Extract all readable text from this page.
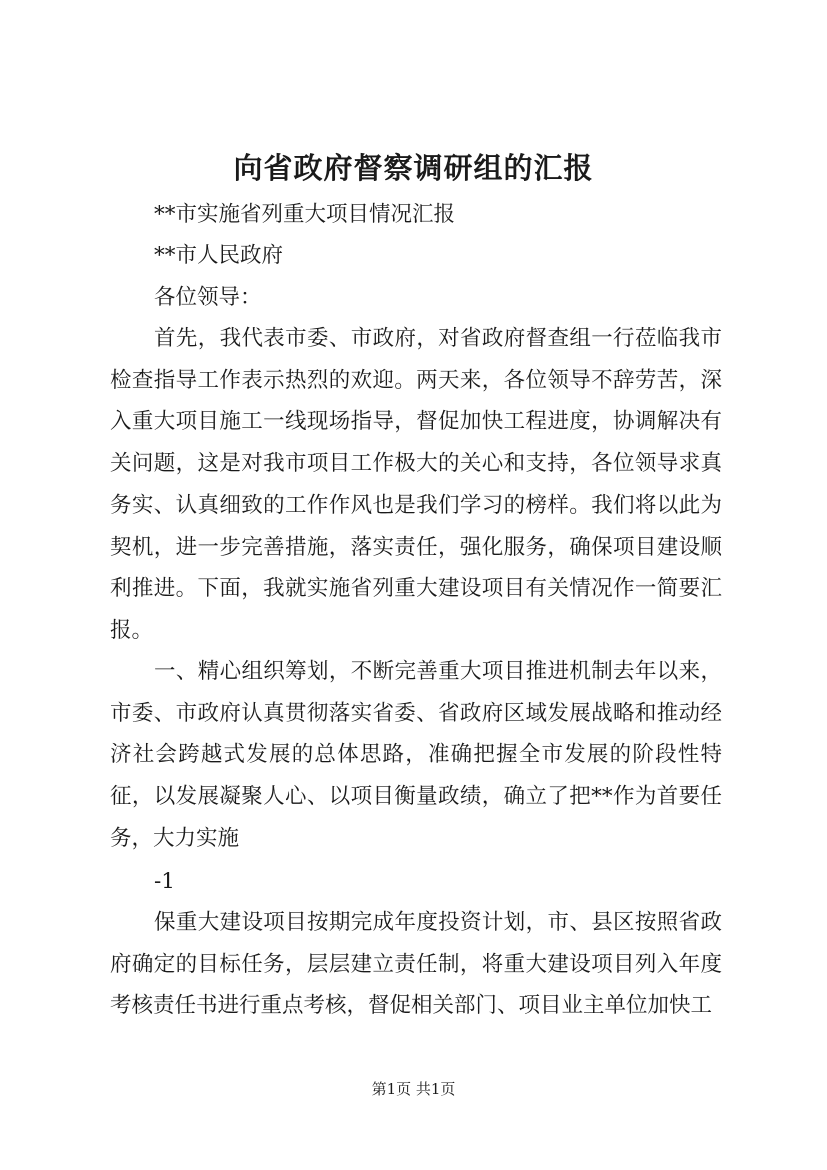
向省政府督察调研组的汇报
**市实施省列重大项目情况汇报
**市人民政府
各位领导：
首先，我代表市委、市政府，对省政府督查组一行莅临我市检查指导工作表示热烈的欢迎。两天来，各位领导不辞劳苦，深入重大项目施工一线现场指导，督促加快工程进度，协调解决有关问题，这是对我市项目工作极大的关心和支持，各位领导求真务实、认真细致的工作作风也是我们学习的榜样。我们将以此为契机，进一步完善措施，落实责任，强化服务，确保项目建设顺利推进。下面，我就实施省列重大建设项目有关情况作一简要汇报。
一、精心组织筹划，不断完善重大项目推进机制去年以来，市委、市政府认真贯彻落实省委、省政府区域发展战略和推动经济社会跨越式发展的总体思路，准确把握全市发展的阶段性特征，以发展凝聚人心、以项目衡量政绩，确立了把**作为首要任务，大力实施
-1
保重大建设项目按期完成年度投资计划，市、县区按照省政府确定的目标任务，层层建立责任制，将重大建设项目列入年度考核责任书进行重点考核，督促相关部门、项目业主单位加快工
第1页 共1页
